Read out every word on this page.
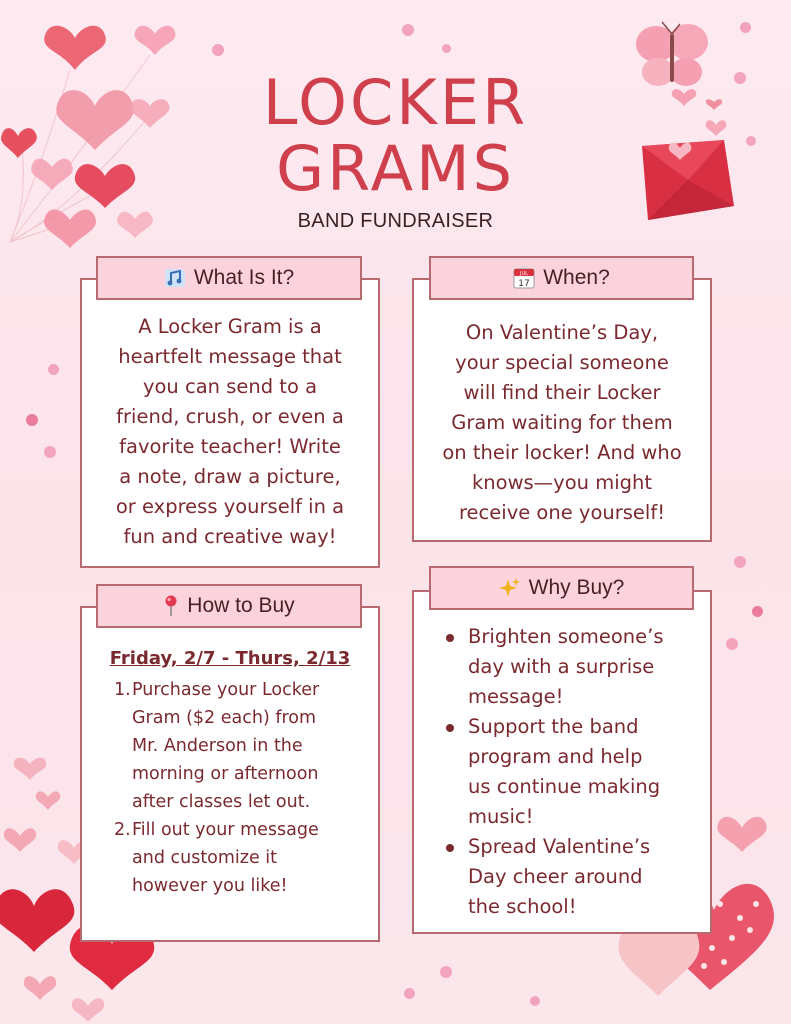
LOCKER
GRAMS
BAND FUNDRAISER
What Is It?
A Locker Gram is a
heartfelt message that
you can send to a
friend, crush, or even a
favorite teacher! Write
a note, draw a picture,
or express yourself in a
fun and creative way!
JUL
17 When?
On Valentine’s Day,
your special someone
will find their Locker
Gram waiting for them
on their locker! And who
knows—you might
receive one yourself!
How to Buy
Friday, 2/7 - Thurs, 2/13
1. Purchase your Locker
Gram ($2 each) from
Mr. Anderson in the
morning or afternoon
after classes let out.
2. Fill out your message
and customize it
however you like!
Why Buy?
Brighten someone’s
day with a surprise
message!
Support the band
program and help
us continue making
music!
Spread Valentine’s
Day cheer around
the school!
